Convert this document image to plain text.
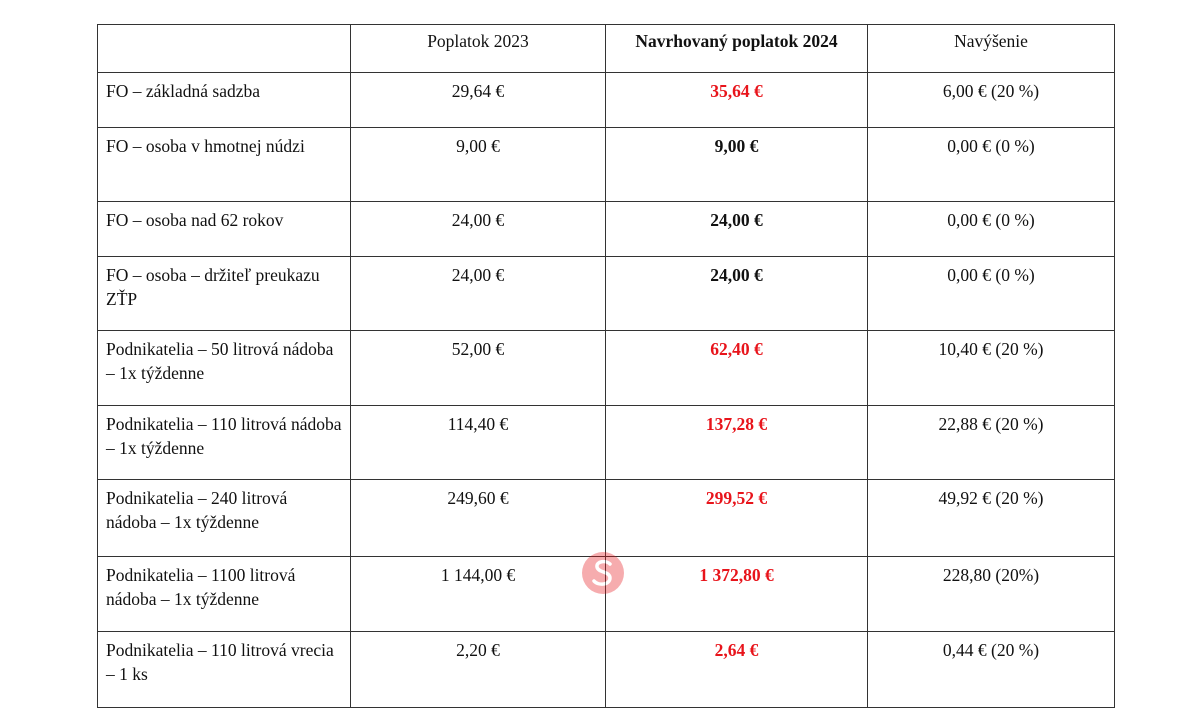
	Poplatok 2023	Navrhovaný poplatok 2024	Navýšenie
FO – základná sadzba	29,64 €	35,64 €	6,00 € (20 %)
FO – osoba v hmotnej núdzi	9,00 €	9,00 €	0,00 € (0 %)
FO – osoba nad 62 rokov	24,00 €	24,00 €	0,00 € (0 %)
FO – osoba – držiteľ preukazu ZŤP	24,00 €	24,00 €	0,00 € (0 %)
Podnikatelia – 50 litrová nádoba – 1x týždenne	52,00 €	62,40 €	10,40 € (20 %)
Podnikatelia – 110 litrová nádoba – 1x týždenne	114,40 €	137,28 €	22,88 € (20 %)
Podnikatelia – 240 litrová nádoba – 1x týždenne	249,60 €	299,52 €	49,92 € (20 %)
Podnikatelia – 1100 litrová nádoba – 1x týždenne	1 144,00 €	1 372,80 €	228,80 (20%)
Podnikatelia – 110 litrová vrecia – 1 ks	2,20 €	2,64 €	0,44 € (20 %)
